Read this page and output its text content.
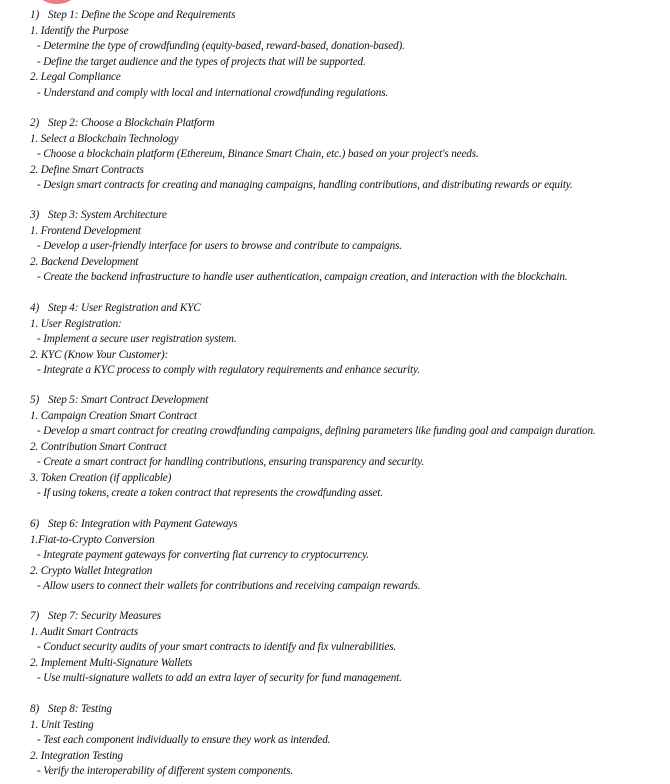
1) Step 1: Define the Scope and Requirements
1. Identify the Purpose
- Determine the type of crowdfunding (equity-based, reward-based, donation-based).
- Define the target audience and the types of projects that will be supported.
2. Legal Compliance
- Understand and comply with local and international crowdfunding regulations.
2) Step 2: Choose a Blockchain Platform
1. Select a Blockchain Technology
- Choose a blockchain platform (Ethereum, Binance Smart Chain, etc.) based on your project's needs.
2. Define Smart Contracts
- Design smart contracts for creating and managing campaigns, handling contributions, and distributing rewards or equity.
3) Step 3: System Architecture
1. Frontend Development
- Develop a user-friendly interface for users to browse and contribute to campaigns.
2. Backend Development
- Create the backend infrastructure to handle user authentication, campaign creation, and interaction with the blockchain.
4) Step 4: User Registration and KYC
1. User Registration:
- Implement a secure user registration system.
2. KYC (Know Your Customer):
- Integrate a KYC process to comply with regulatory requirements and enhance security.
5) Step 5: Smart Contract Development
1. Campaign Creation Smart Contract
- Develop a smart contract for creating crowdfunding campaigns, defining parameters like funding goal and campaign duration.
2. Contribution Smart Contract
- Create a smart contract for handling contributions, ensuring transparency and security.
3. Token Creation (if applicable)
- If using tokens, create a token contract that represents the crowdfunding asset.
6) Step 6: Integration with Payment Gateways
1.Fiat-to-Crypto Conversion
- Integrate payment gateways for converting fiat currency to cryptocurrency.
2. Crypto Wallet Integration
- Allow users to connect their wallets for contributions and receiving campaign rewards.
7) Step 7: Security Measures
1. Audit Smart Contracts
- Conduct security audits of your smart contracts to identify and fix vulnerabilities.
2. Implement Multi-Signature Wallets
- Use multi-signature wallets to add an extra layer of security for fund management.
8) Step 8: Testing
1. Unit Testing
- Test each component individually to ensure they work as intended.
2. Integration Testing
- Verify the interoperability of different system components.
